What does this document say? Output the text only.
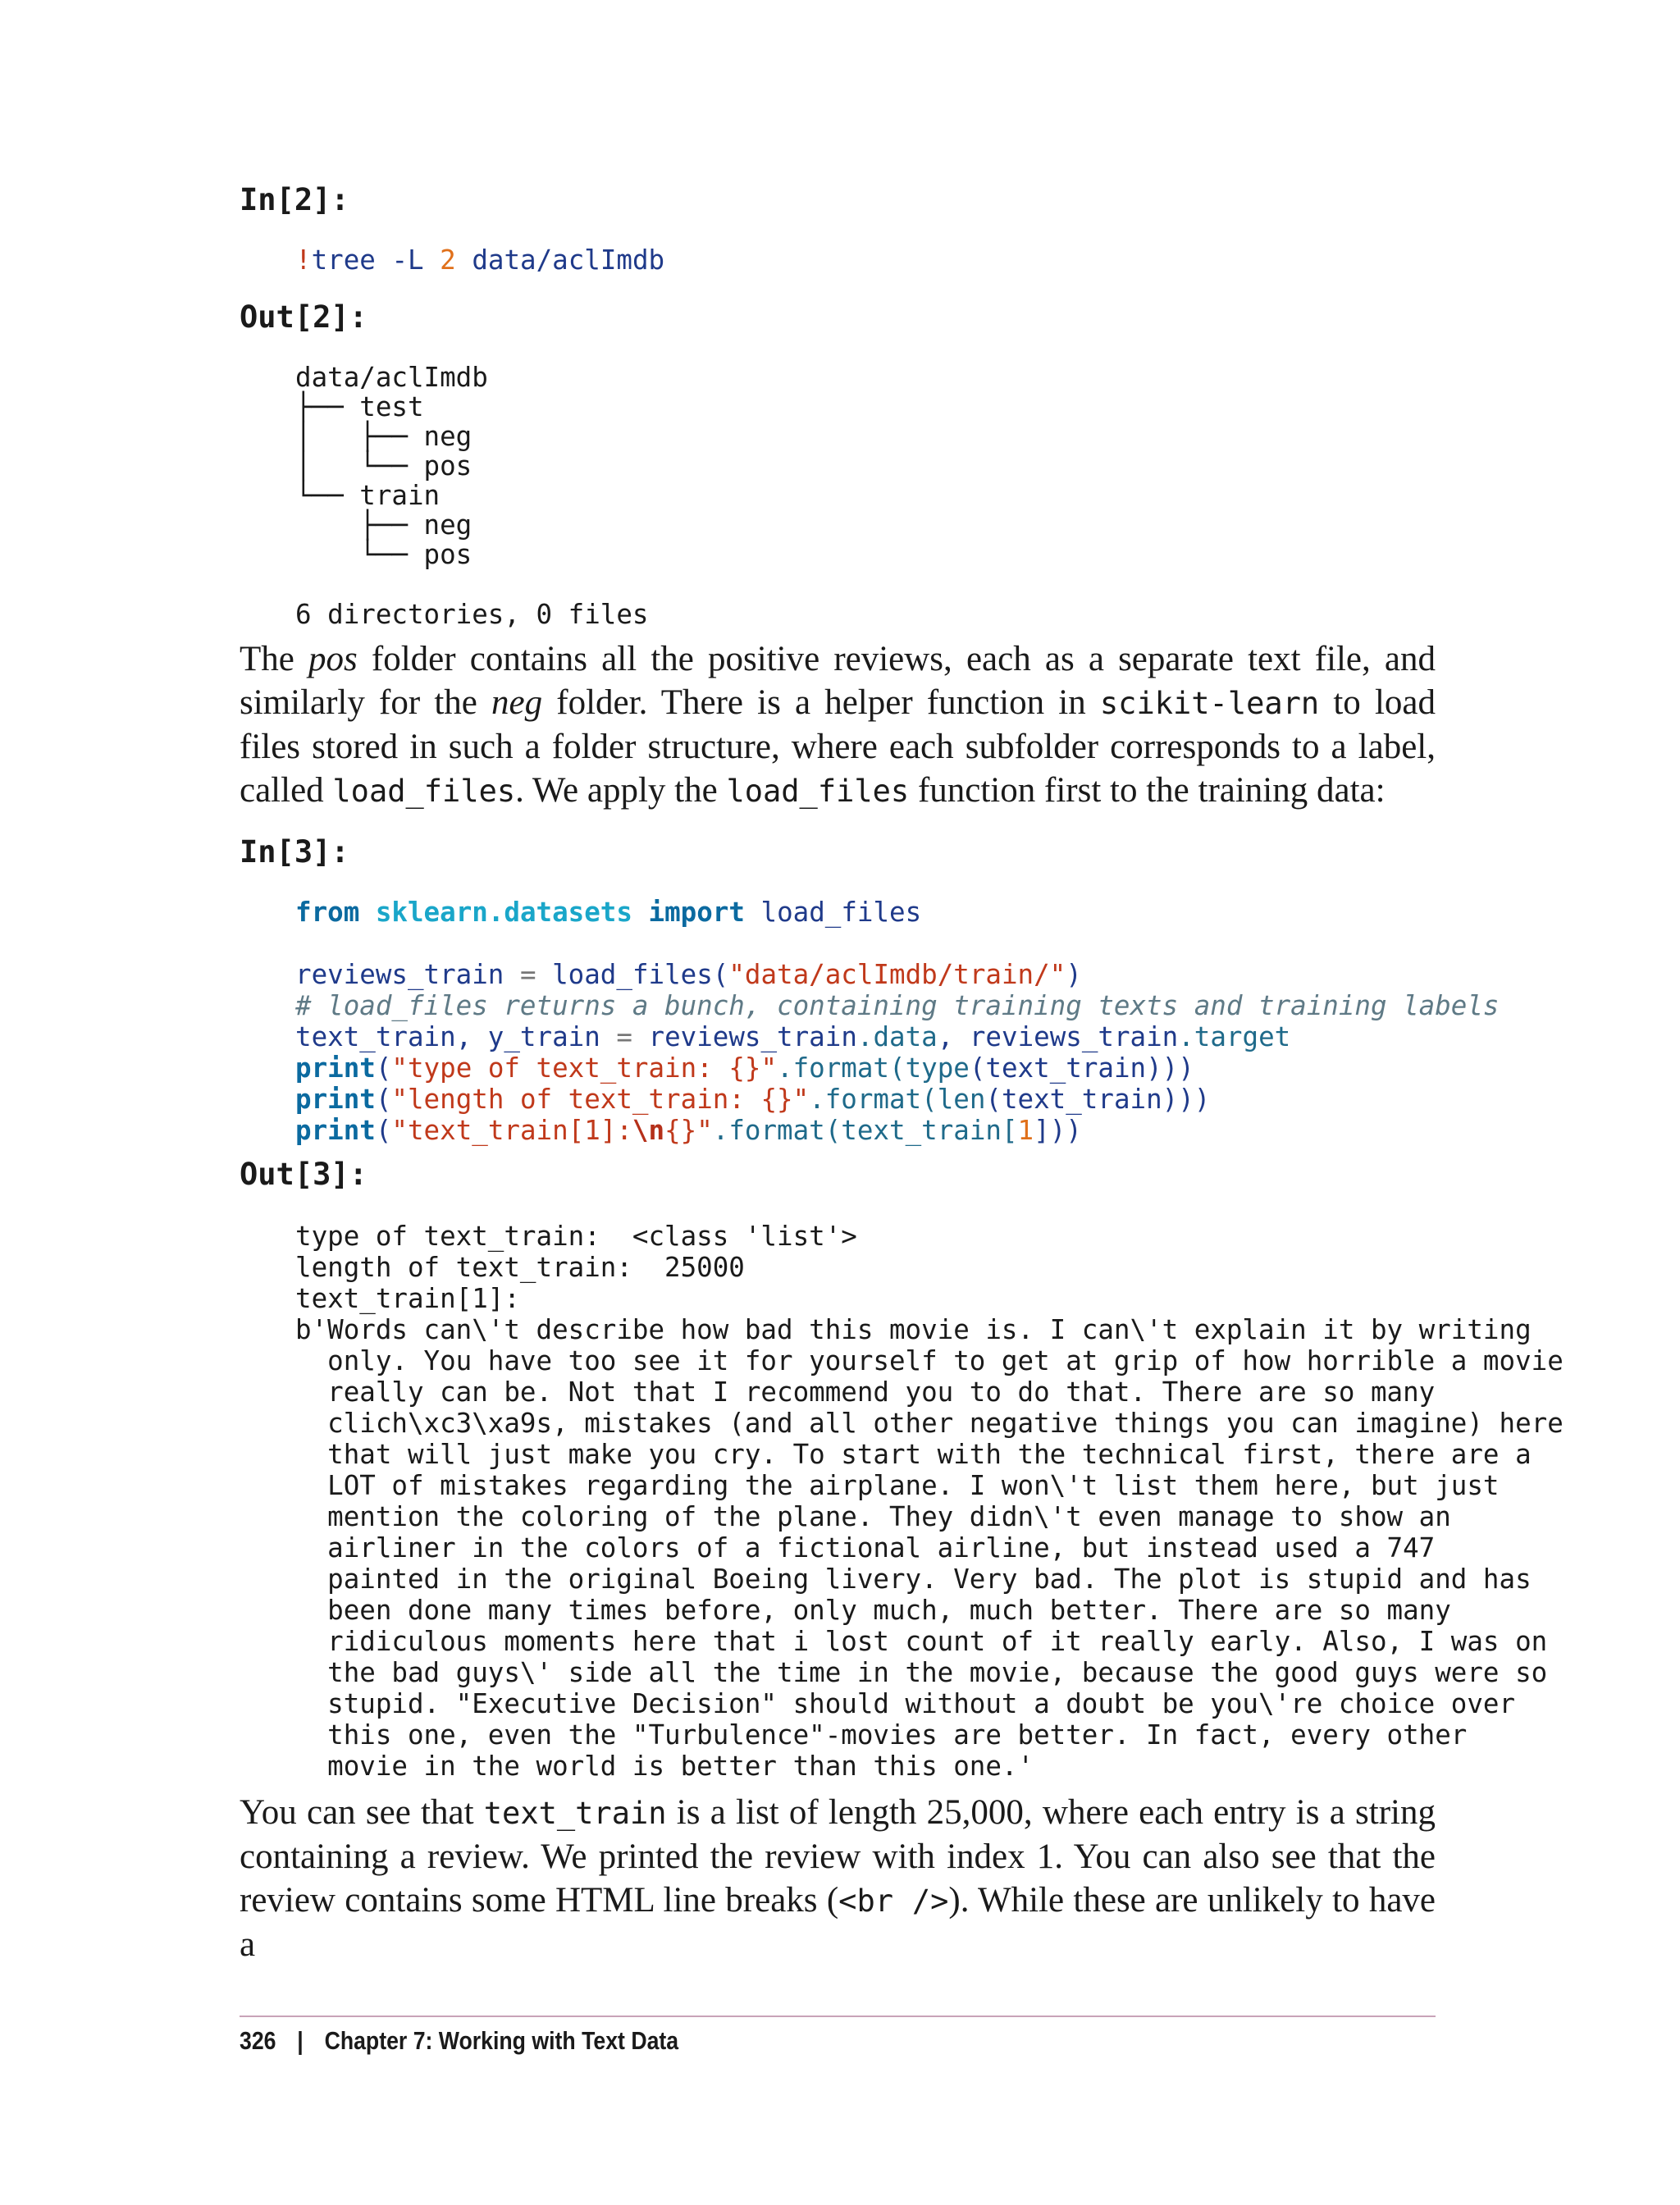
In[2]:

!tree -L 2 data/aclImdb

Out[2]:

data/aclImdb
├── test
│   ├── neg
│   └── pos
└── train
├── neg
└── pos
6 directories, 0 files

The pos folder contains all the positive reviews, each as a separate text file, and similarly for the neg folder. There is a helper function in scikit-learn to load files stored in such a folder structure, where each subfolder corresponds to a label, called load_files. We apply the load_files function first to the training data:

In[3]:

from sklearn.datasets import load_files

reviews_train = load_files("data/aclImdb/train/")
# load_files returns a bunch, containing training texts and training labels
text_train, y_train = reviews_train.data, reviews_train.target
print("type of text_train: {}".format(type(text_train)))
print("length of text_train: {}".format(len(text_train)))
print("text_train[1]:\n{}".format(text_train[1]))

Out[3]:

type of text_train:  <class 'list'>
length of text_train:  25000
text_train[1]:
b'Words can\'t describe how bad this movie is. I can\'t explain it by writing
only. You have too see it for yourself to get at grip of how horrible a movie
really can be. Not that I recommend you to do that. There are so many
clich\xc3\xa9s, mistakes (and all other negative things you can imagine) here
that will just make you cry. To start with the technical first, there are a
LOT of mistakes regarding the airplane. I won\'t list them here, but just
mention the coloring of the plane. They didn\'t even manage to show an
airliner in the colors of a fictional airline, but instead used a 747
painted in the original Boeing livery. Very bad. The plot is stupid and has
been done many times before, only much, much better. There are so many
ridiculous moments here that i lost count of it really early. Also, I was on
the bad guys\' side all the time in the movie, because the good guys were so
stupid. "Executive Decision" should without a doubt be you\'re choice over
this one, even the "Turbulence"-movies are better. In fact, every other
movie in the world is better than this one.'

You can see that text_train is a list of length 25,000, where each entry is a string containing a review. We printed the review with index 1. You can also see that the review contains some HTML line breaks (<br />). While these are unlikely to have a

326 | Chapter 7: Working with Text Data
